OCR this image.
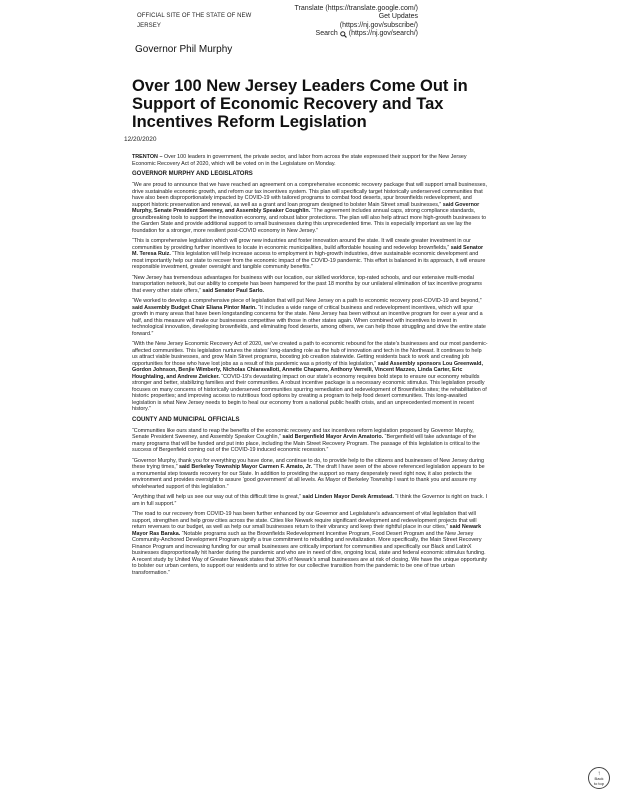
OFFICIAL SITE OF THE STATE OF NEW JERSEY
Translate (https://translate.google.com/)
Get Updates
(https://nj.gov/subscribe/)
Search (https://nj.gov/search/)
Governor Phil Murphy
Over 100 New Jersey Leaders Come Out in Support of Economic Recovery and Tax Incentives Reform Legislation
12/20/2020

TRENTON – Over 100 leaders in government, the private sector, and labor from across the state expressed their support for the New Jersey Economic Recovery Act of 2020, which will be voted on in the Legislature on Monday.

GOVERNOR MURPHY AND LEGISLATORS

“We are proud to announce that we have reached an agreement on a comprehensive economic recovery package that will support small businesses, drive sustainable economic growth, and reform our tax incentives system. This plan will specifically target historically underserved communities that have also been disproportionately impacted by COVID-19 with tailored programs to combat food deserts, spur brownfields redevelopment, and support historic preservation and renewal, as well as a grant and loan program designed to bolster Main Street small businesses,” said Governor Murphy, Senate President Sweeney, and Assembly Speaker Coughlin. “The agreement includes annual caps, strong compliance standards, groundbreaking tools to support the innovation economy, and robust labor protections. The plan will also help attract more high-growth businesses to the Garden State and provide additional support to small businesses during this unprecedented time. This is especially important as we lay the foundation for a stronger, more resilient post-COVID economy in New Jersey.”

“This is comprehensive legislation which will grow new industries and foster innovation around the state. It will create greater investment in our communities by providing further incentives to locate in economic municipalities, build affordable housing and redevelop brownfields,” said Senator M. Teresa Ruiz. “This legislation will help increase access to employment in high-growth industries, drive sustainable economic development and most importantly help our state to recover from the economic impact of the COVID-19 pandemic. This effort is balanced in its approach, it will ensure responsible investment, greater oversight and tangible community benefits.”

“New Jersey has tremendous advantages for business with our location, our skilled workforce, top-rated schools, and our extensive multi-modal transportation network, but our ability to compete has been hampered for the past 18 months by our unilateral elimination of tax incentive programs that every other state offers,” said Senator Paul Sarlo.

“We worked to develop a comprehensive piece of legislation that will put New Jersey on a path to economic recovery post-COVID-19 and beyond,” said Assembly Budget Chair Eliana Pintor Marin. “It includes a wide range of critical business and redevelopment incentives, which will spur growth in many areas that have been longstanding concerns for the state. New Jersey has been without an incentive program for over a year and a half, and this measure will make our businesses competitive with those in other states again. When combined with incentives to invest in technological innovation, developing brownfields, and eliminating food deserts, among others, we can help those struggling and drive the entire state forward.”

“With the New Jersey Economic Recovery Act of 2020, we’ve created a path to economic rebound for the state’s businesses and our most pandemic- affected communities. This legislation nurtures the states’ long-standing role as the hub of innovation and tech in the Northeast. It continues to help us attract viable businesses, and grow Main Street programs, boosting job creation statewide. Getting residents back to work and creating job opportunities for those who have lost jobs as a result of this pandemic was a priority of this legislation,” said Assembly sponsors Lou Greenwald, Gordon Johnson, Benjie Wimberly, Nicholas Chiaravalloti, Annette Chaparro, Anthony Verrelli, Vincent Mazzeo, Linda Carter, Eric Houghtaling, and Andrew Zwicker. “COVID-19’s devastating impact on our state’s economy requires bold steps to ensure our economy rebuilds stronger and better, stabilizing families and their communities. A robust incentive package is a necessary economic stimulus. This legislation proudly focuses on many concerns of historically underserved communities spurring remediation and redevelopment of Brownfields sites; the rehabilitation of historic properties; and improving access to nutritious food options by creating a program to help food desert communities. This long-awaited legislation is what New Jersey needs to begin to heal our economy from a national public health crisis, and an unprecedented moment in recent history.”

COUNTY AND MUNICIPAL OFFICIALS

“Communities like ours stand to reap the benefits of the economic recovery and tax incentives reform legislation proposed by Governor Murphy, Senate President Sweeney, and Assembly Speaker Coughlin,” said Bergenfield Mayor Arvin Amatorio. “Bergenfield will take advantage of the many programs that will be funded and put into place, including the Main Street Recovery Program. The passage of this legislation is critical to the success of Bergenfield coming out of the COVID-19 induced economic recession.”

“Governor Murphy, thank you for everything you have done, and continue to do, to provide help to the citizens and businesses of New Jersey during these trying times,” said Berkeley Township Mayor Carmen F. Amato, Jr. “The draft I have seen of the above referenced legislation appears to be a monumental step towards recovery for our State. In addition to providing the support so many desperately need right now, it also protects the environment and provides oversight to assure ‘good government’ at all levels. As Mayor of Berkeley Township I want to thank you and assure my wholehearted support of this legislation.”

“Anything that will help us see our way out of this difficult time is great,” said Linden Mayor Derek Armstead. “I think the Governor is right on track. I am in full support.”

“The road to our recovery from COVID-19 has been further enhanced by our Governor and Legislature’s advancement of vital legislation that will support, strengthen and help grow cities across the state. Cities like Newark require significant development and redevelopment projects that will return revenues to our budget, as well as help our small businesses return to their vibrancy and keep their rightful place in our cities,” said Newark Mayor Ras Baraka. “Notable programs such as the Brownfields Redevelopment Incentive Program, Food Desert Program and the New Jersey Community-Anchored Development Program signify a true commitment to rebuilding and revitalization. More specifically, the Main Street Recovery Finance Program and increasing funding for our small businesses are critically important for communities and specifically our Black and LatinX businesses disproportionally hit harder during the pandemic and who are in need of dire, ongoing local, state and federal economic stimulus funding. A recent study by United Way of Greater Newark states that 30% of Newark’s small businesses are at risk of closing. We have the unique opportunity to bolster our urban centers, to support our residents and to strive for our collective transition from the pandemic to be one of true urban transformation.”

↑
Back
to top
